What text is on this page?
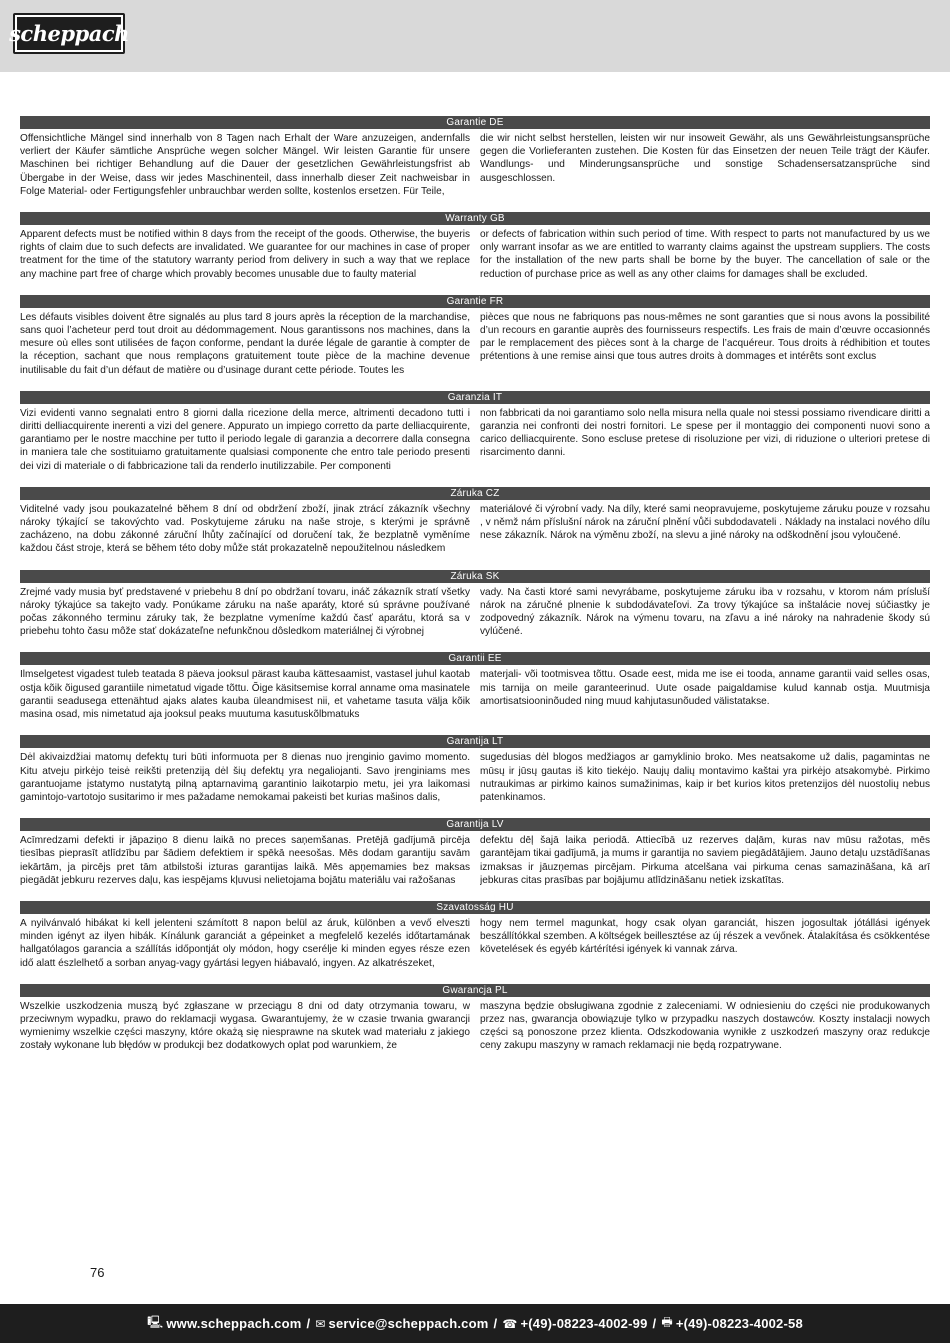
scheppach
Garantie DE
Offensichtliche Mängel sind innerhalb von 8 Tagen nach Erhalt der Ware anzuzeigen, andernfalls verliert der Käufer sämtliche Ansprüche wegen solcher Mängel. Wir leisten Garantie für unsere Maschinen bei richtiger Behandlung auf die Dauer der gesetzlichen Gewährleistungsfrist ab Übergabe in der Weise, dass wir jedes Maschinenteil, dass innerhalb dieser Zeit nachweisbar in Folge Material- oder Fertigungsfehler unbrauchbar werden sollte, kostenlos ersetzen. Für Teile,
die wir nicht selbst herstellen, leisten wir nur insoweit Gewähr, als uns Gewährleistungsansprüche gegen die Vorlieferanten zustehen. Die Kosten für das Einsetzen der neuen Teile trägt der Käufer. Wandlungs- und Minderungsansprüche und sonstige Schadensersatzansprüche sind ausgeschlossen.
Warranty GB
Apparent defects must be notified within 8 days from the receipt of the goods. Otherwise, the buyeris rights of claim due to such defects are invalidated. We guarantee for our machines in case of proper treatment for the time of the statutory warranty period from delivery in such a way that we replace any machine part free of charge which provably becomes unusable due to faulty material
or defects of fabrication within such period of time. With respect to parts not manufactured by us we only warrant insofar as we are entitled to warranty claims against the upstream suppliers. The costs for the installation of the new parts shall be borne by the buyer. The cancellation of sale or the reduction of purchase price as well as any other claims for damages shall be excluded.
Garantie FR
Les défauts visibles doivent être signalés au plus tard 8 jours après la réception de la marchandise, sans quoi l’acheteur perd tout droit au dédommagement. Nous garantissons nos machines, dans la mesure où elles sont utilisées de façon conforme, pendant la durée légale de garantie à compter de la réception, sachant que nous remplaçons gratuitement toute pièce de la machine devenue inutilisable du fait d’un défaut de matière ou d’usinage durant cette période. Toutes les
pièces que nous ne fabriquons pas nous-mêmes ne sont garanties que si nous avons la possibilité d’un recours en garantie auprès des fournisseurs respectifs. Les frais de main d’œuvre occasionnés par le remplacement des pièces sont à la charge de l’acquéreur. Tous droits à rédhibition et toutes prétentions à une remise ainsi que tous autres droits à dommages et intérêts sont exclus
Garanzia IT
Vizi evidenti vanno segnalati entro 8 giorni dalla ricezione della merce, altrimenti decadono tutti i diritti delliacquirente inerenti a vizi del genere. Appurato un impiego corretto da parte delliacquirente, garantiamo per le nostre macchine per tutto il periodo legale di garanzia a decorrere dalla consegna in maniera tale che sostituiamo gratuitamente qualsiasi componente che entro tale periodo presenti dei vizi di materiale o di fabbricazione tali da renderlo inutilizzabile. Per componenti
non fabbricati da noi garantiamo solo nella misura nella quale noi stessi possiamo rivendicare diritti a garanzia nei confronti dei nostri fornitori. Le spese per il montaggio dei componenti nuovi sono a carico delliacquirente. Sono escluse pretese di risoluzione per vizi, di riduzione o ulteriori pretese di risarcimento danni.
Záruka CZ
Viditelné vady jsou poukazatelné během 8 dní od obdržení zboží, jinak ztrácí zákazník všechny nároky týkající se takovýchto vad. Poskytujeme záruku na naše stroje, s kterými je správně zacházeno, na dobu zákonné záruční lhůty začínající od doručení tak, že bezplatně vyměníme každou část stroje, která se během této doby může stát prokazatelně nepoužitelnou následkem
materiálové či výrobní vady. Na díly, které sami neopravujeme, poskytujeme záruku pouze v rozsahu , v němž nám příslušní nárok na záruční plnění vůči subdodavateli . Náklady na instalaci nového dílu nese zákazník. Nárok na výměnu zboží, na slevu a jiné nároky na odškodnění jsou vyloučené.
Záruka SK
Zrejmé vady musia byť predstavené v priebehu 8 dní po obdržaní tovaru, ináč zákazník stratí všetky nároky týkajúce sa takejto vady. Ponúkame záruku na naše aparáty, ktoré sú správne používané počas zákonného terminu záruky tak, že bezplatne vymeníme každú časť aparátu, ktorá sa v priebehu tohto času môže stať dokázateľne nefunkčnou dôsledkom materiálnej či výrobnej
vady. Na časti ktoré sami nevyrábame, poskytujeme záruku iba v rozsahu, v ktorom nám prísluší nárok na záručné plnenie k subdodávateľovi. Za trovy týkajúce sa inštalácie novej súčiastky je zodpovedný zákazník. Nárok na výmenu tovaru, na zľavu a iné nároky na nahradenie škody sú vylúčené.
Garantii EE
Ilmselgetest vigadest tuleb teatada 8 päeva jooksul pärast kauba kättesaamist, vastasel juhul kaotab ostja kõik õigused garantiile nimetatud vigade tõttu. Õige käsitsemise korral anname oma masinatele garantii seadusega ettenähtud ajaks alates kauba üleandmisest nii, et vahetame tasuta välja kõik masina osad, mis nimetatud aja jooksul peaks muutuma kasutuskõlbmatuks
materjali- või tootmisvea tõttu. Osade eest, mida me ise ei tooda, anname garantii vaid selles osas, mis tarnija on meile garanteerinud. Uute osade paigaldamise kulud kannab ostja. Muutmisja amortisatsiooninõuded ning muud kahjutasunõuded välistatakse.
Garantija LT
Dėl akivaizdžiai matomų defektų turi būti informuota per 8 dienas nuo įrenginio gavimo momento. Kitu atveju pirkėjo teisė reikšti pretenziją dėl šių defektų yra negaliojanti. Savo įrenginiams mes garantuojame įstatymo nustatytą pilną aptarnavimą garantinio laikotarpio metu, jei yra laikomasi gamintojo-vartotojo susitarimo ir mes pažadame nemokamai pakeisti bet kurias mašinos dalis,
sugedusias dėl blogos medžiagos ar gamyklinio broko. Mes neatsakome už dalis, pagamintas ne mūsų ir jūsų gautas iš kito tiekėjo. Naujų dalių montavimo kaštai yra pirkėjo atsakomybė. Pirkimo nutraukimas ar pirkimo kainos sumažinimas, kaip ir bet kurios kitos pretenzijos dėl nuostolių nebus patenkinamos.
Garantija LV
Acīmredzami defekti ir jāpaziņo 8 dienu laikā no preces saņemšanas. Pretējā gadījumā pircēja tiesības pieprasīt atlīdzību par šādiem defektiem ir spēkā neesošas. Mēs dodam garantiju savām iekārtām, ja pircējs pret tām atbilstoši izturas garantijas laikā. Mēs apņemamies bez maksas piegādāt jebkuru rezerves daļu, kas iespējams kļuvusi nelietojama bojātu materiālu vai ražošanas
defektu dēļ šajā laika periodā. Attiecībā uz rezerves daļām, kuras nav mūsu ražotas, mēs garantējam tikai gadījumā, ja mums ir garantija no saviem piegādātājiem. Jauno detaļu uzstādīšanas izmaksas ir jāuzņemas pircējam. Pirkuma atcelšana vai pirkuma cenas samazināšana, kā arī jebkuras citas prasības par bojājumu atlīdzināšanu netiek izskatītas.
Szavatosság HU
A nyilvánvaló hibákat ki kell jelenteni számított 8 napon belül az áruk, különben a vevő elveszti minden igényt az ilyen hibák. Kínálunk garanciát a gépeinket a megfelelő kezelés időtartamának hallgatólagos garancia a szállítás időpontját oly módon, hogy cserélje ki minden egyes része ezen idő alatt észlelhető a sorban anyag-vagy gyártási legyen hiábavaló, ingyen. Az alkatrészeket,
hogy nem termel magunkat, hogy csak olyan garanciát, hiszen jogosultak jótállási igények beszállítókkal szemben. A költségek beillesztése az új részek a vevőnek. Átalakítása és csökkentése követelések és egyéb kártérítési igények ki vannak zárva.
Gwarancja PL
Wszelkie uszkodzenia muszą być zgłaszane w przeciągu 8 dni od daty otrzymania towaru, w przeciwnym wypadku, prawo do reklamacji wygasa. Gwarantujemy, że w czasie trwania gwarancji wymienimy wszelkie części maszyny, które okażą się niesprawne na skutek wad materiału z jakiego zostały wykonane lub błędów w produkcji bez dodatkowych oplat pod warunkiem, że
maszyna będzie obsługiwana zgodnie z zaleceniami. W odniesieniu do części nie produkowanych przez nas, gwarancja obowiązuje tylko w przypadku naszych dostawców. Koszty instalacji nowych części są ponoszone przez klienta. Odszkodowania wynikłe z uszkodzeń maszyny oraz redukcje ceny zakupu maszyny w ramach reklamacji nie będą rozpatrywane.
76
🖳 www.scheppach.com / ✉ service@scheppach.com / ☎ +(49)-08223-4002-99 / 🖶 +(49)-08223-4002-58
